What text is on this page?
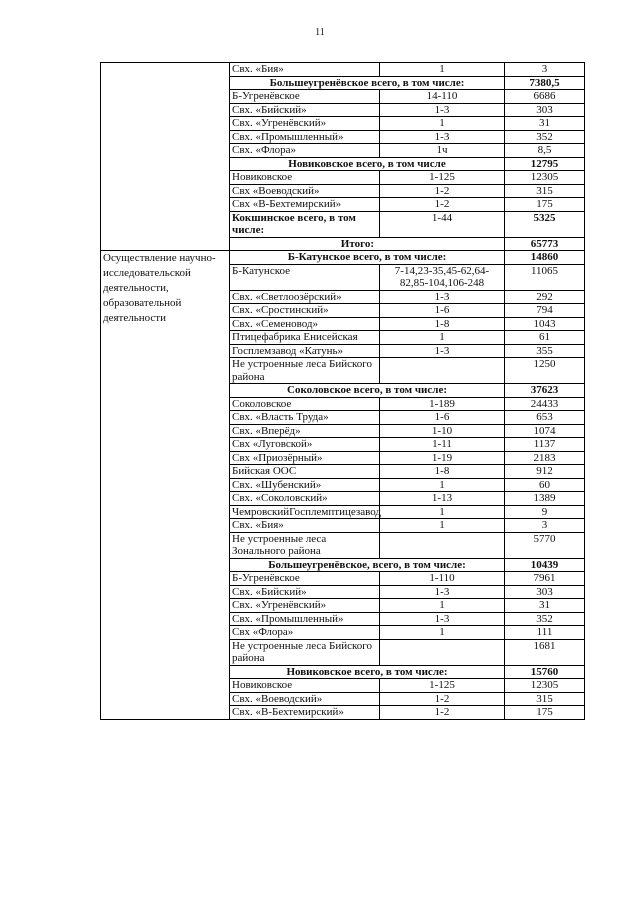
11
	Свх. «Бия»	1	3
	Большеугренёвское всего, в том числе:		7380,5
	Б-Угренёвское	14-110	6686
	Свх. «Бийский»	1-3	303
	Свх. «Угренёвский»	1	31
	Свх. «Промышленный»	1-3	352
	Свх. «Флора»	1ч	8,5
	Новиковское всего, в том числе		12795
	Новиковское	1-125	12305
	Свх «Воеводский»	1-2	315
	Свх «В-Бехтемирский»	1-2	175
	Кокшинское всего, в том числе:	1-44	5325
	Итого:		65773
Осуществление научно-исследовательской деятельности, образовательной деятельности	Б-Катунское всего, в том числе:		14860
	Б-Катунское	7-14,23-35,45-62,64-82,85-104,106-248	11065
	Свх. «Светлоозёрский»	1-3	292
	Свх. «Сростинский»	1-6	794
	Свх. «Семеновод»	1-8	1043
	Птицефабрика Енисейская	1	61
	Госплемзавод «Катунь»	1-3	355
	Не устроенные леса Бийского района		1250
	Соколовское всего, в том числе:		37623
	Соколовское	1-189	24433
	Свх. «Власть Труда»	1-6	653
	Свх. «Вперёд»	1-10	1074
	Свх «Луговской»	1-11	1137
	Свх «Приозёрный»	1-19	2183
	Бийская ООС	1-8	912
	Свх. «Шубенский»	1	60
	Свх. «Соколовский»	1-13	1389
	ЧемровскийГосплемптицезавод	1	9
	Свх. «Бия»	1	3
	Не устроенные леса Зонального района		5770
	Большеугренёвское, всего, в том числе:		10439
	Б-Угренёвское	1-110	7961
	Свх. «Бийский»	1-3	303
	Свх. «Угренёвский»	1	31
	Свх. «Промышленный»	1-3	352
	Свх «Флора»	1	111
	Не устроенные леса Бийского района		1681
	Новиковское всего, в том числе:		15760
	Новиковское	1-125	12305
	Свх. «Воеводский»	1-2	315
	Свх. «В-Бехтемирский»	1-2	175
